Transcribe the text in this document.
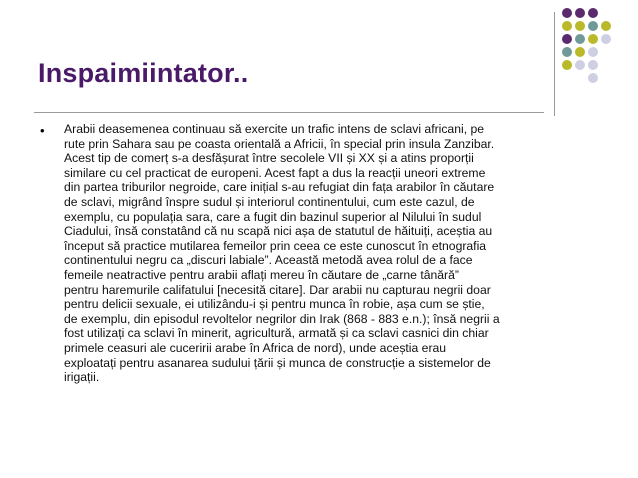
Inspaimiintator..
• Arabii deasemenea continuau să exercite un trafic intens de sclavi africani, pe
rute prin Sahara sau pe coasta orientală a Africii, în special prin insula Zanzibar.
Acest tip de comerț s-a desfășurat între secolele VII și XX și a atins proporții
similare cu cel practicat de europeni. Acest fapt a dus la reacții uneori extreme
din partea triburilor negroide, care inițial s-au refugiat din fața arabilor în căutare
de sclavi, migrând înspre sudul și interiorul continentului, cum este cazul, de
exemplu, cu populația sara, care a fugit din bazinul superior al Nilului în sudul
Ciadului, însă constatând că nu scapă nici așa de statutul de hăituiți, aceștia au
început să practice mutilarea femeilor prin ceea ce este cunoscut în etnografia
continentului negru ca „discuri labiale”. Această metodă avea rolul de a face
femeile neatractive pentru arabii aflați mereu în căutare de „carne tânără”
pentru haremurile califatului [necesită citare]. Dar arabii nu capturau negrii doar
pentru delicii sexuale, ei utilizându-i și pentru munca în robie, așa cum se știe,
de exemplu, din episodul revoltelor negrilor din Irak (868 - 883 e.n.); însă negrii a
fost utilizați ca sclavi în minerit, agricultură, armată și ca sclavi casnici din chiar
primele ceasuri ale cuceririi arabe în Africa de nord), unde aceștia erau
exploatați pentru asanarea sudului țării și munca de construcție a sistemelor de
irigații.
